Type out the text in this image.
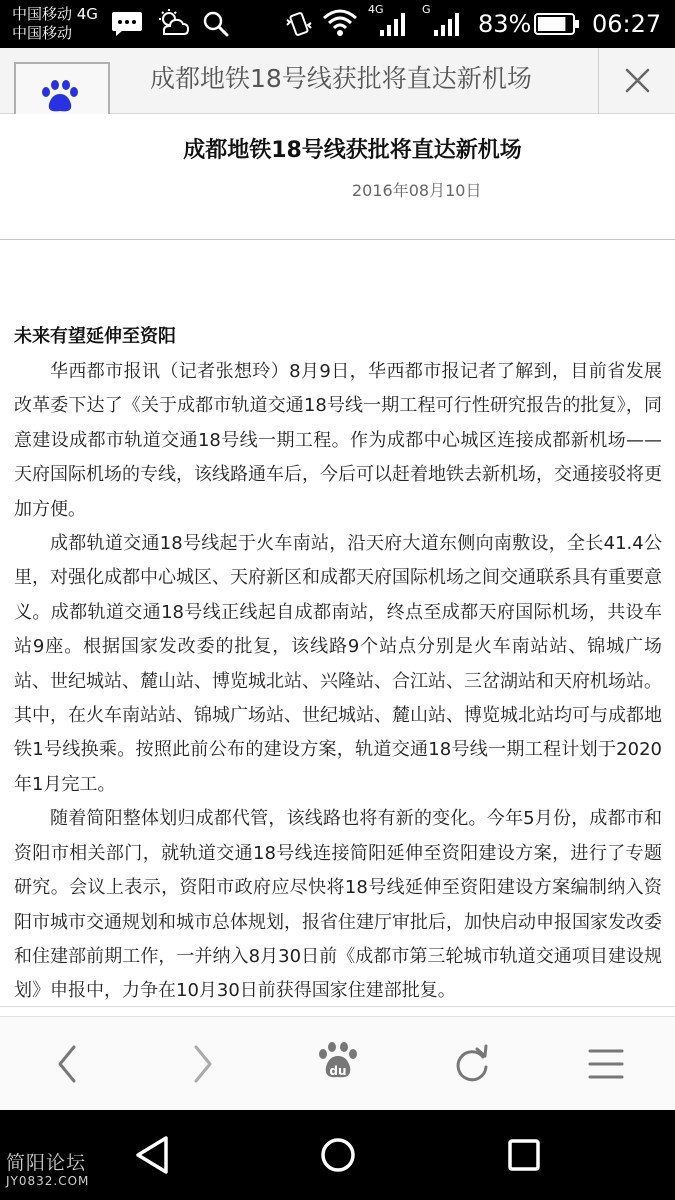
中国移动 4G
中国移动
4G	G
83%	06:27
成都地铁18号线获批将直达新机场
成都地铁18号线获批将直达新机场
2016年08月10日
未来有望延伸至资阳

华西都市报讯（记者张想玲）8月9日，华西都市报记者了解到，目前省发展改革委下达了《关于成都市轨道交通18号线一期工程可行性研究报告的批复》，同意建设成都市轨道交通18号线一期工程。作为成都中心城区连接成都新机场——天府国际机场的专线，该线路通车后，今后可以赶着地铁去新机场，交通接驳将更加方便。

成都轨道交通18号线起于火车南站，沿天府大道东侧向南敷设，全长41.4公里，对强化成都中心城区、天府新区和成都天府国际机场之间交通联系具有重要意义。成都轨道交通18号线正线起自成都南站，终点至成都天府国际机场，共设车站9座。根据国家发改委的批复，该线路9个站点分别是火车南站站、锦城广场站、世纪城站、麓山站、博览城北站、兴隆站、合江站、三岔湖站和天府机场站。其中，在火车南站站、锦城广场站、世纪城站、麓山站、博览城北站均可与成都地铁1号线换乘。按照此前公布的建设方案，轨道交通18号线一期工程计划于2020年1月完工。

随着简阳整体划归成都代管，该线路也将有新的变化。今年5月份，成都市和资阳市相关部门，就轨道交通18号线连接简阳延伸至资阳建设方案，进行了专题研究。会议上表示，资阳市政府应尽快将18号线延伸至资阳建设方案编制纳入资阳市城市交通规划和城市总体规划，报省住建厅审批后，加快启动申报国家发改委和住建部前期工作，一并纳入8月30日前《成都市第三轮城市轨道交通项目建设规划》申报中，力争在10月30日前获得国家住建部批复。

du
简阳论坛
JY0832.COM
